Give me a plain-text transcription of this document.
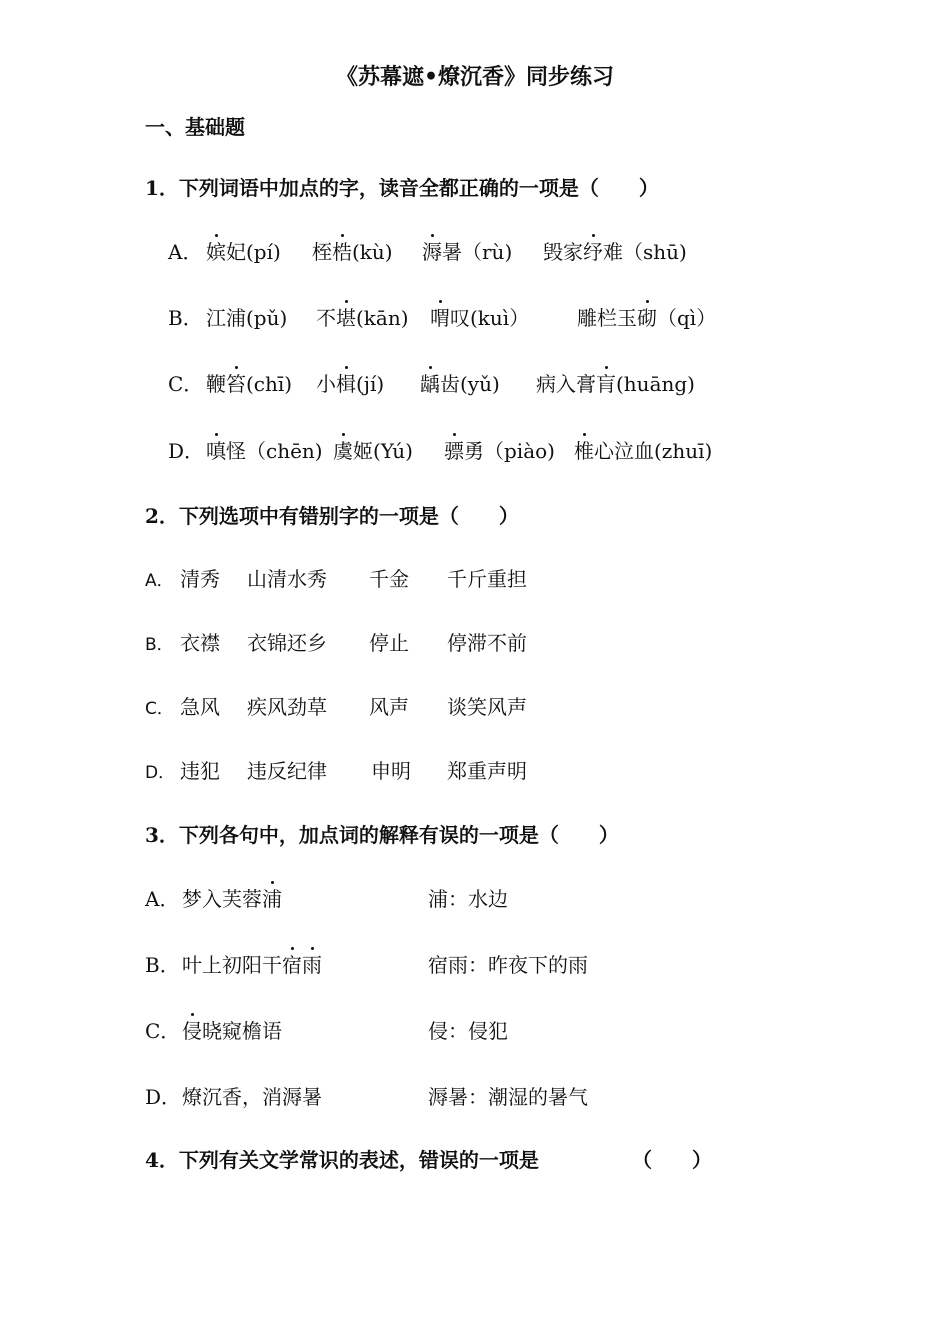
《苏幕遮•燎沉香》同步练习
一、基础题
1．下列词语中加点的字，读音全都正确的一项是（　　）
A． 嫔妃(pí) 桎梏(kù) 溽暑（rù) 毁家纾难（shū)
B． 江浦(pǔ) 不堪(kān) 喟叹(kuì） 雕栏玉砌（qì）
C． 鞭笞(chī) 小楫(jí) 龋齿(yǔ) 病入膏肓(huāng)
D． 嗔怪（chēn) 虞姬(Yú) 骠勇（piào) 椎心泣血(zhuī)
2．下列选项中有错别字的一项是（　　）
A． 清秀 山清水秀 千金 千斤重担
B． 衣襟 衣锦还乡 停止 停滞不前
C． 急风 疾风劲草 风声 谈笑风声
D． 违犯 违反纪律 申明 郑重声明
3．下列各句中，加点词的解释有误的一项是（　　）
A． 梦入芙蓉浦	浦：水边
B． 叶上初阳干宿雨	宿雨：昨夜下的雨
C． 侵晓窥檐语	侵：侵犯
D． 燎沉香，消溽暑	溽暑：潮湿的暑气
4．下列有关文学常识的表述，错误的一项是	（　　）
